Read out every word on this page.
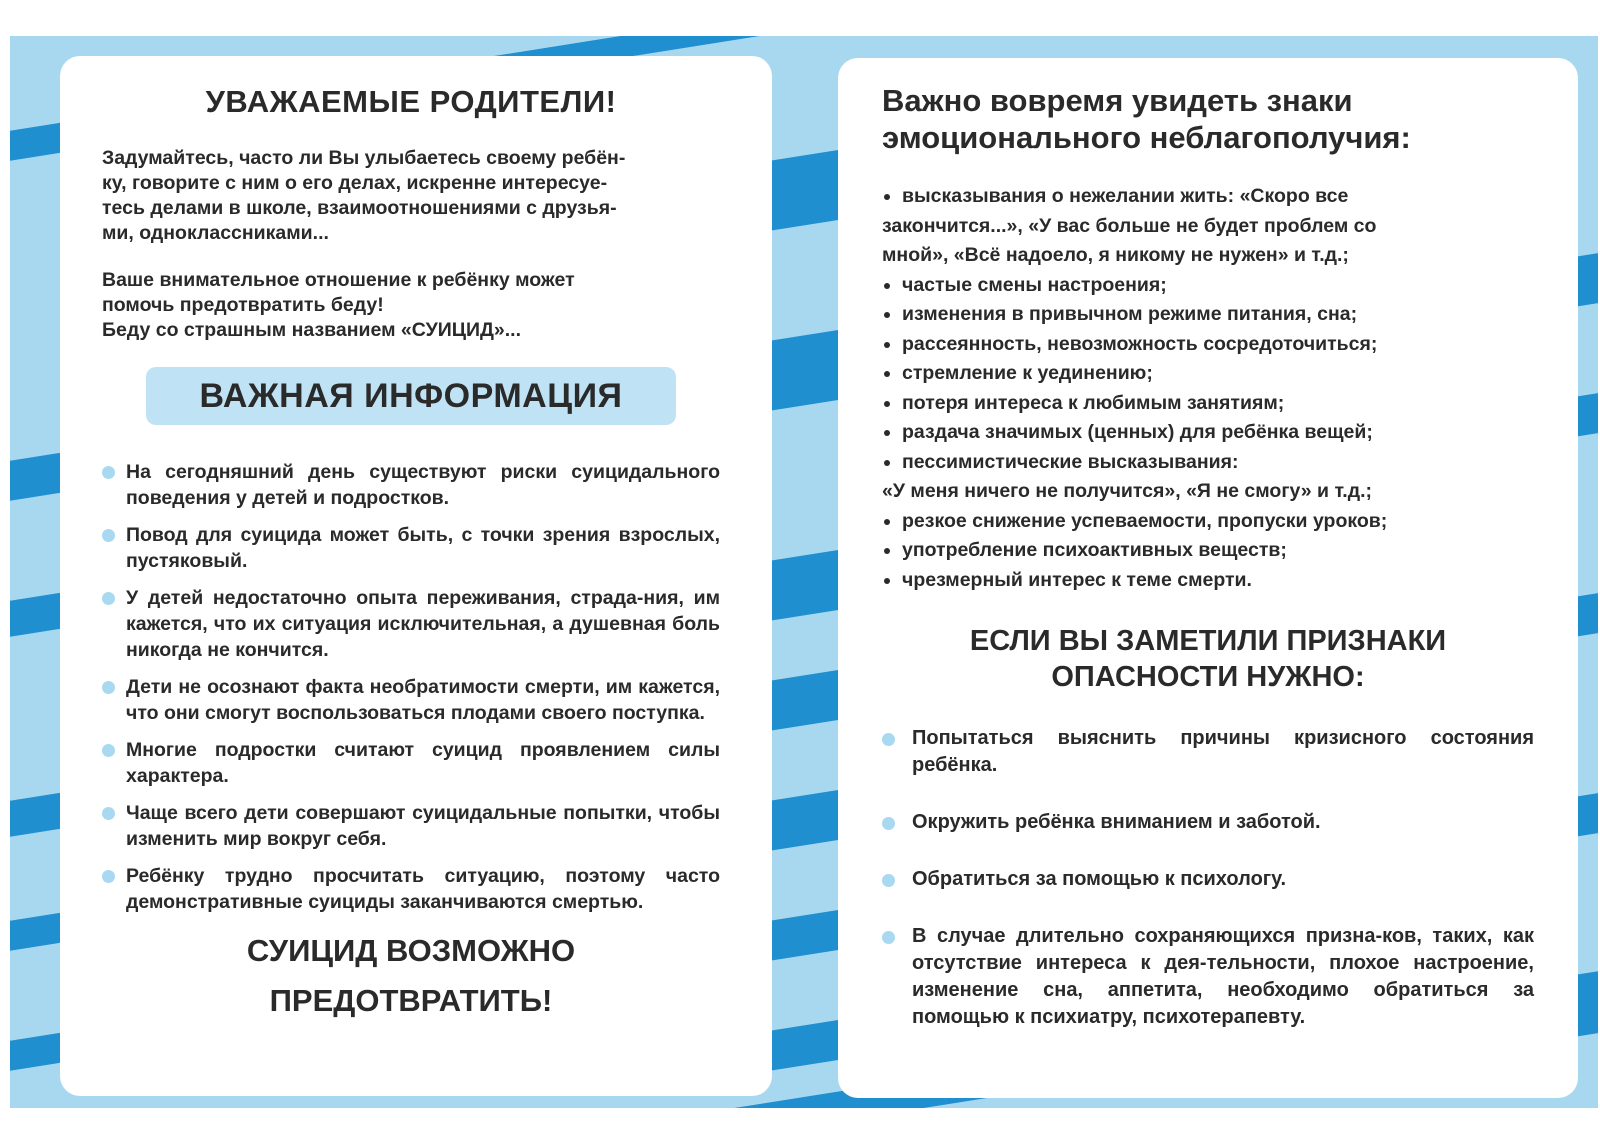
УВАЖАЕМЫЕ РОДИТЕЛИ!
Задумайтесь, часто ли Вы улыбаетесь своему ребён-
ку, говорите с ним о его делах, искренне интересуе-
тесь делами в школе, взаимоотношениями с друзья-
ми, одноклассниками...
Ваше внимательное отношение к ребёнку может
помочь предотвратить беду!
Беду со страшным названием «СУИЦИД»...
ВАЖНАЯ ИНФОРМАЦИЯ
На сегодняшний день существуют риски суицидального поведения у детей и подростков.
Повод для суицида может быть, с точки зрения взрослых, пустяковый.
У детей недостаточно опыта переживания, страда-ния, им кажется, что их ситуация исключительная, а душевная боль никогда не кончится.
Дети не осознают факта необратимости смерти, им кажется, что они смогут воспользоваться плодами своего поступка.
Многие подростки считают суицид проявлением силы характера.
Чаще всего дети совершают суицидальные попытки, чтобы изменить мир вокруг себя.
Ребёнку трудно просчитать ситуацию, поэтому часто демонстративные суициды заканчиваются смертью.
СУИЦИД ВОЗМОЖНО
ПРЕДОТВРАТИТЬ!
Важно вовремя увидеть знаки
эмоционального неблагополучия:
высказывания о нежелании жить: «Скоро все
закончится...», «У вас больше не будет проблем со
мной», «Всё надоело, я никому не нужен» и т.д.;
частые смены настроения;
изменения в привычном режиме питания, сна;
рассеянность, невозможность сосредоточиться;
стремление к уединению;
потеря интереса к любимым занятиям;
раздача значимых (ценных) для ребёнка вещей;
пессимистические высказывания:
«У меня ничего не получится», «Я не смогу» и т.д.;
резкое снижение успеваемости, пропуски уроков;
употребление психоактивных веществ;
чрезмерный интерес к теме смерти.
ЕСЛИ ВЫ ЗАМЕТИЛИ ПРИЗНАКИ
ОПАСНОСТИ НУЖНО:
Попытаться выяснить причины кризисного состояния ребёнка.
Окружить ребёнка вниманием и заботой.
Обратиться за помощью к психологу.
В случае длительно сохраняющихся призна-ков, таких, как отсутствие интереса к дея-тельности, плохое настроение, изменение сна, аппетита, необходимо обратиться за помощью к психиатру, психотерапевту.
